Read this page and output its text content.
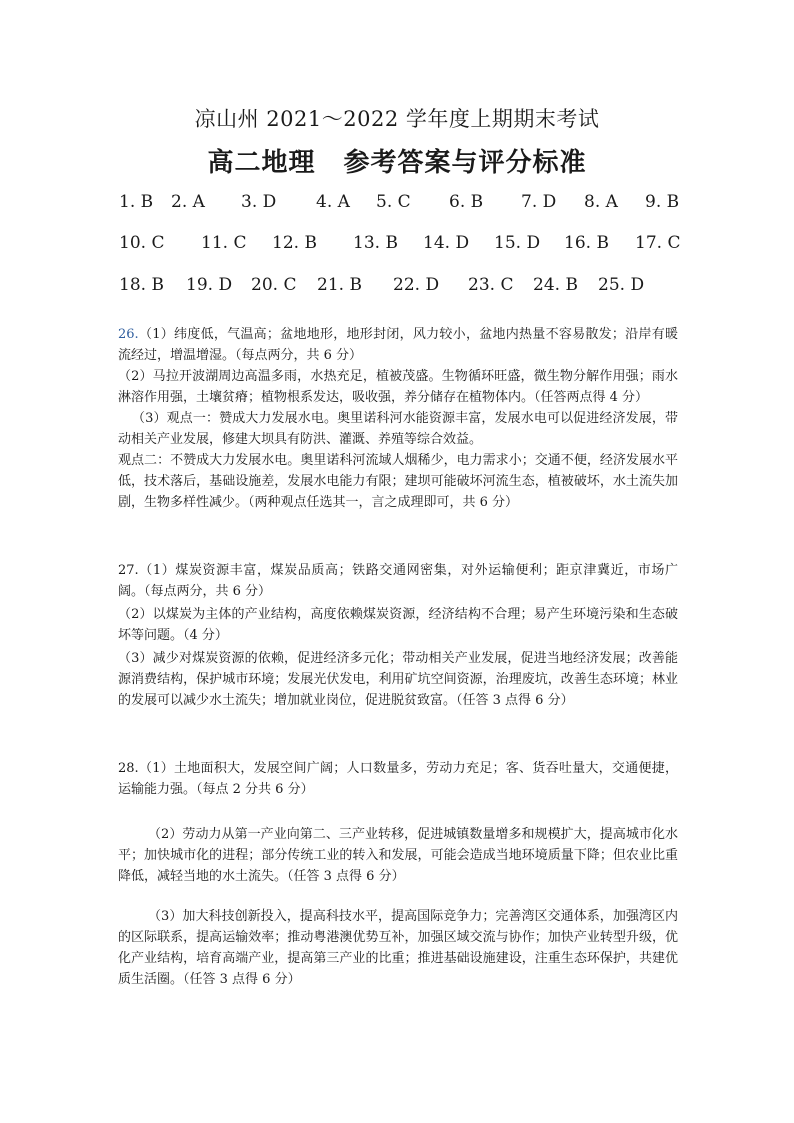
凉山州 2021～2022 学年度上期期末考试
高二地理 参考答案与评分标准
1. B 2. A 3. D 4. A 5. C 6. B 7. D 8. A 9. B
10. C 11. C 12. B 13. B 14. D 15. D 16. B 17. C
18. B 19. D 20. C 21. B 22. D 23. C 24. B 25. D

26.（1）纬度低，气温高；盆地地形，地形封闭，风力较小，盆地内热量不容易散发；沿岸有暖流经过，增温增湿。（每点两分，共 6 分）

（2）马拉开波湖周边高温多雨，水热充足，植被茂盛。生物循环旺盛，微生物分解作用强；雨水淋溶作用强，土壤贫瘠；植物根系发达，吸收强，养分储存在植物体内。（任答两点得 4 分）

（3）观点一：赞成大力发展水电。奥里诺科河水能资源丰富，发展水电可以促进经济发展，带动相关产业发展，修建大坝具有防洪、灌溉、养殖等综合效益。

观点二：不赞成大力发展水电。奥里诺科河流域人烟稀少，电力需求小；交通不便，经济发展水平低，技术落后，基础设施差，发展水电能力有限；建坝可能破坏河流生态，植被破坏，水土流失加剧，生物多样性减少。（两种观点任选其一，言之成理即可，共 6 分）

27.（1）煤炭资源丰富，煤炭品质高；铁路交通网密集，对外运输便利；距京津冀近，市场广阔。（每点两分，共 6 分）

（2）以煤炭为主体的产业结构，高度依赖煤炭资源，经济结构不合理；易产生环境污染和生态破坏等问题。（4 分）

（3）减少对煤炭资源的依赖，促进经济多元化；带动相关产业发展，促进当地经济发展；改善能源消费结构，保护城市环境；发展光伏发电，利用矿坑空间资源，治理废坑，改善生态环境；林业的发展可以减少水土流失；增加就业岗位，促进脱贫致富。（任答 3 点得 6 分）

28.（1）土地面积大，发展空间广阔；人口数量多，劳动力充足；客、货吞吐量大，交通便捷，运输能力强。（每点 2 分共 6 分）

（2）劳动力从第一产业向第二、三产业转移，促进城镇数量增多和规模扩大，提高城市化水平；加快城市化的进程；部分传统工业的转入和发展，可能会造成当地环境质量下降；但农业比重降低，减轻当地的水土流失。（任答 3 点得 6 分）

（3）加大科技创新投入，提高科技水平，提高国际竞争力；完善湾区交通体系，加强湾区内的区际联系，提高运输效率；推动粤港澳优势互补，加强区域交流与协作；加快产业转型升级，优化产业结构，培育高端产业，提高第三产业的比重；推进基础设施建设，注重生态环保护，共建优质生活圈。（任答 3 点得 6 分）
